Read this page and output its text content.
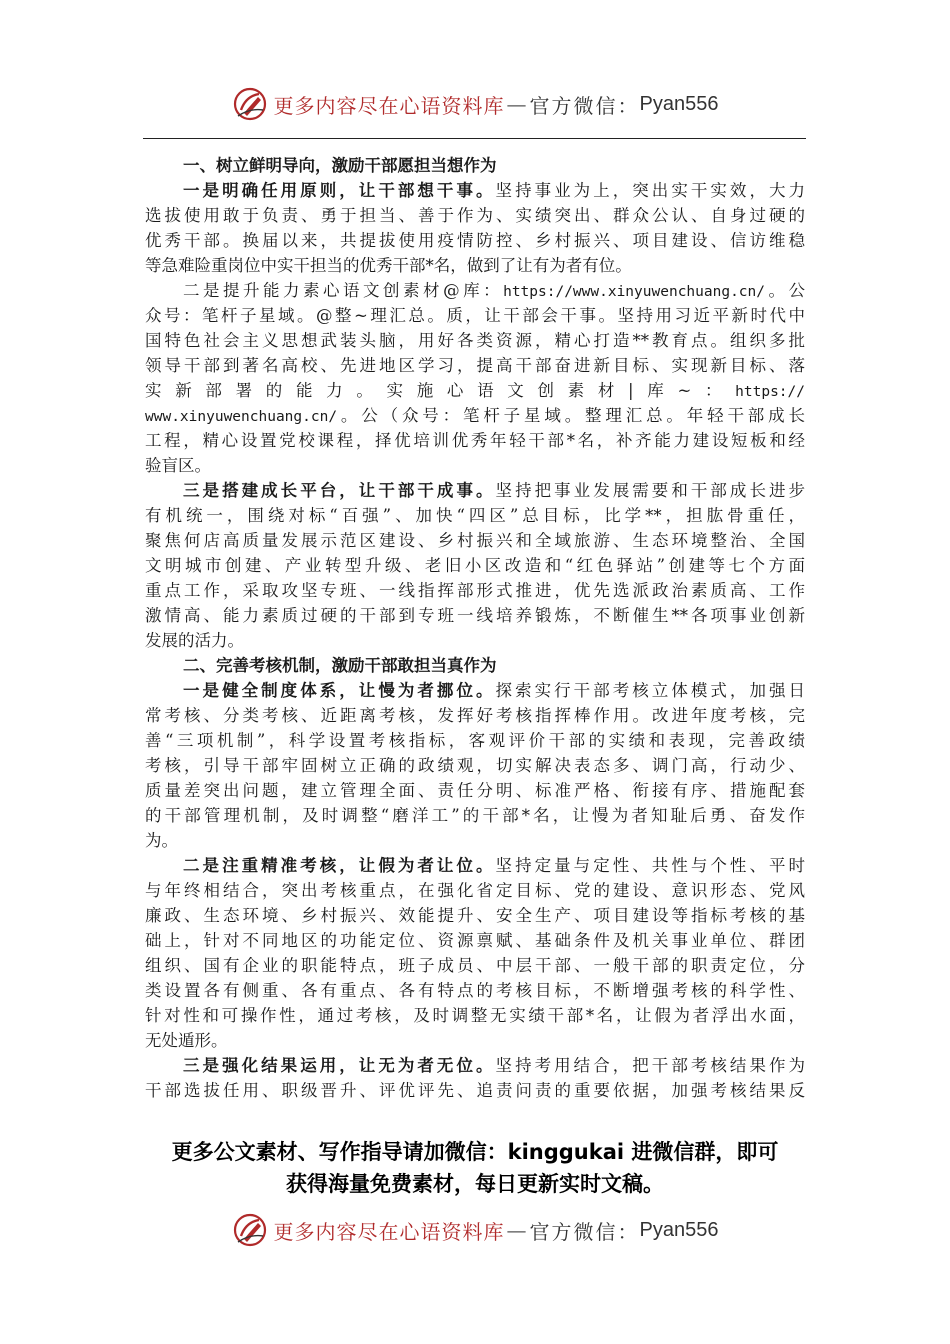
更多内容尽在心语资料库 — 官方微信： Pyan556
一、树立鲜明导向，激励干部愿担当想作为
一是明确任用原则，让干部想干事。坚持事业为上，突出实干实效，大力
选拔使用敢于负责、勇于担当、善于作为、实绩突出、群众公认、自身过硬的
优秀干部。换届以来，共提拔使用疫情防控、乡村振兴、项目建设、信访维稳
等急难险重岗位中实干担当的优秀干部*名，做到了让有为者有位。
二是提升能力素心语文创素材@库：https://www.xinyuwenchuang.cn/。公
众号：笔杆子星域。@整~理汇总。质，让干部会干事。坚持用习近平新时代中
国特色社会主义思想武装头脑，用好各类资源，精心打造**教育点。组织多批
领导干部到著名高校、先进地区学习，提高干部奋进新目标、实现新目标、落
实新部署的能力。实施心语文创素材|库~：https://
www.xinyuwenchuang.cn/。公（众号：笔杆子星域。整理汇总。年轻干部成长
工程，精心设置党校课程，择优培训优秀年轻干部*名，补齐能力建设短板和经
验盲区。
三是搭建成长平台，让干部干成事。坚持把事业发展需要和干部成长进步
有机统一，围绕对标“百强”、加快“四区”总目标，比学**，担肱骨重任，
聚焦何店高质量发展示范区建设、乡村振兴和全域旅游、生态环境整治、全国
文明城市创建、产业转型升级、老旧小区改造和“红色驿站”创建等七个方面
重点工作，采取攻坚专班、一线指挥部形式推进，优先选派政治素质高、工作
激情高、能力素质过硬的干部到专班一线培养锻炼，不断催生**各项事业创新
发展的活力。
二、完善考核机制，激励干部敢担当真作为
一是健全制度体系，让慢为者挪位。探索实行干部考核立体模式，加强日
常考核、分类考核、近距离考核，发挥好考核指挥棒作用。改进年度考核，完
善“三项机制”，科学设置考核指标，客观评价干部的实绩和表现，完善政绩
考核，引导干部牢固树立正确的政绩观，切实解决表态多、调门高，行动少、
质量差突出问题，建立管理全面、责任分明、标准严格、衔接有序、措施配套
的干部管理机制，及时调整“磨洋工”的干部*名，让慢为者知耻后勇、奋发作
为。
二是注重精准考核，让假为者让位。坚持定量与定性、共性与个性、平时
与年终相结合，突出考核重点，在强化省定目标、党的建设、意识形态、党风
廉政、生态环境、乡村振兴、效能提升、安全生产、项目建设等指标考核的基
础上，针对不同地区的功能定位、资源禀赋、基础条件及机关事业单位、群团
组织、国有企业的职能特点，班子成员、中层干部、一般干部的职责定位，分
类设置各有侧重、各有重点、各有特点的考核目标，不断增强考核的科学性、
针对性和可操作性，通过考核，及时调整无实绩干部*名，让假为者浮出水面，
无处遁形。
三是强化结果运用，让无为者无位。坚持考用结合，把干部考核结果作为
干部选拔任用、职级晋升、评优评先、追责问责的重要依据，加强考核结果反
更多公文素材、写作指导请加微信：kinggukai 进微信群，即可
获得海量免费素材，每日更新实时文稿。
更多内容尽在心语资料库 — 官方微信： Pyan556
